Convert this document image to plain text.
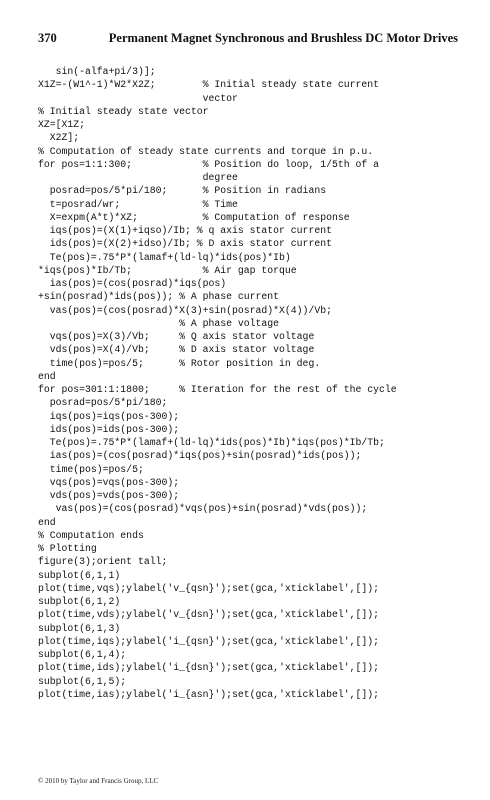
370	Permanent Magnet Synchronous and Brushless DC Motor Drives
sin(-alfa+pi/3)];
X1Z=-(W1^-1)*W2*X2Z;        % Initial steady state current
vector
% Initial steady state vector
XZ=[X1Z;
X2Z];
% Computation of steady state currents and torque in p.u.
for pos=1:1:300;            % Position do loop, 1/5th of a
degree
posrad=pos/5*pi/180;      % Position in radians
t=posrad/wr;              % Time
X=expm(A*t)*XZ;           % Computation of response
iqs(pos)=(X(1)+iqso)/Ib; % q axis stator current
ids(pos)=(X(2)+idso)/Ib; % D axis stator current
Te(pos)=.75*P*(lamaf+(ld-lq)*ids(pos)*Ib)
*iqs(pos)*Ib/Tb;            % Air gap torque
ias(pos)=(cos(posrad)*iqs(pos)
+sin(posrad)*ids(pos)); % A phase current
vas(pos)=(cos(posrad)*X(3)+sin(posrad)*X(4))/Vb;
% A phase voltage
vqs(pos)=X(3)/Vb;     % Q axis stator voltage
vds(pos)=X(4)/Vb;     % D axis stator voltage
time(pos)=pos/5;      % Rotor position in deg.
end
for pos=301:1:1800;     % Iteration for the rest of the cycle
posrad=pos/5*pi/180;
iqs(pos)=iqs(pos-300);
ids(pos)=ids(pos-300);
Te(pos)=.75*P*(lamaf+(ld-lq)*ids(pos)*Ib)*iqs(pos)*Ib/Tb;
ias(pos)=(cos(posrad)*iqs(pos)+sin(posrad)*ids(pos));
time(pos)=pos/5;
vqs(pos)=vqs(pos-300);
vds(pos)=vds(pos-300);
vas(pos)=(cos(posrad)*vqs(pos)+sin(posrad)*vds(pos));
end
% Computation ends
% Plotting
figure(3);orient tall;
subplot(6,1,1)
plot(time,vqs);ylabel('v_{qsn}');set(gca,'xticklabel',[]);
subplot(6,1,2)
plot(time,vds);ylabel('v_{dsn}');set(gca,'xticklabel',[]);
subplot(6,1,3)
plot(time,iqs);ylabel('i_{qsn}');set(gca,'xticklabel',[]);
subplot(6,1,4);
plot(time,ids);ylabel('i_{dsn}');set(gca,'xticklabel',[]);
subplot(6,1,5);
plot(time,ias);ylabel('i_{asn}');set(gca,'xticklabel',[]);
© 2010 by Taylor and Francis Group, LLC
